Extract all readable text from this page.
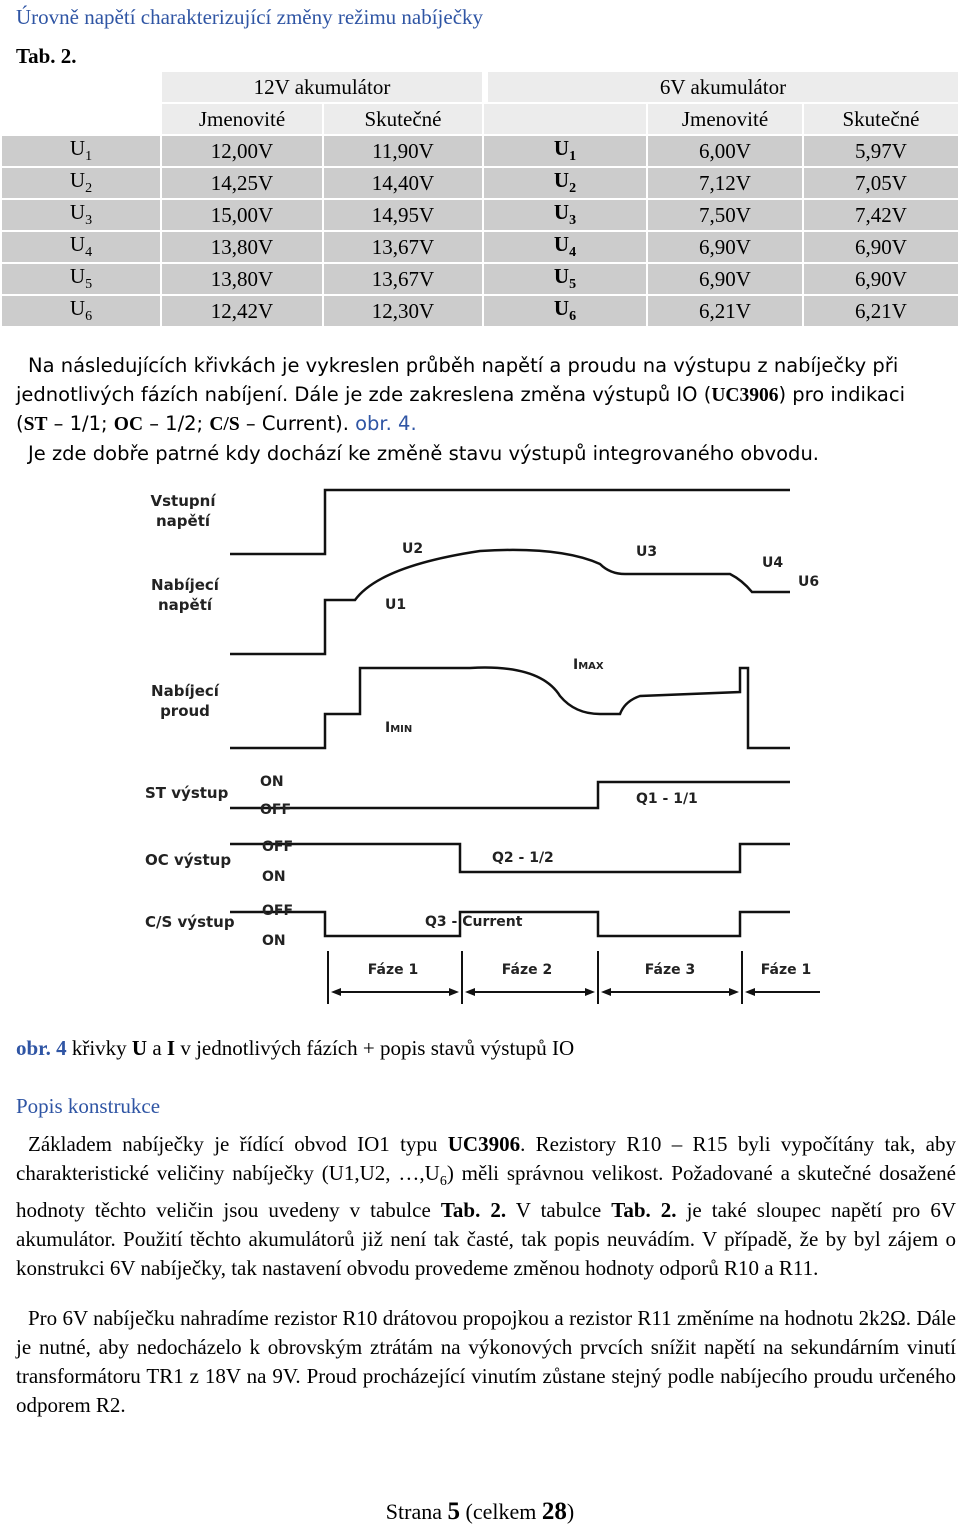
Úrovně napětí charakterizující změny režimu nabíječky
Tab. 2.
	12V akumulátor			6V akumulátor		
	Jmenovité	Skutečné			Jmenovité	Skutečné
$U_1$	12,00V	11,90V	$U_1$		6,00V	5,97V
$U_2$	14,25V	14,40V	$U_2$		7,12V	7,05V
$U_3$	15,00V	14,95V	$U_3$		7,50V	7,42V
$U_4$	13,80V	13,67V	$U_4$		6,90V	6,90V
$U_5$	13,80V	13,67V	$U_5$		6,90V	6,90V
$U_6$	12,42V	12,30V	$U_6$		6,21V	6,21V
Na následujících křivkách je vykreslen průběh napětí a proudu na výstupu z nabíječky při
jednotlivých fázích nabíjení. Dále je zde zakreslena změna výstupů IO (UC3906) pro indikaci
(ST – 1/1; OC – 1/2; C/S – Current). obr. 4.
Je zde dobře patrné kdy dochází ke změně stavu výstupů integrovaného obvodu.
Vstupní
napětí
Nabíjecí
napětí
Nabíjecí
proud
ST výstup
OC výstup
C/S výstup
ON
OFF
OFF
ON
OFF
ON
U2
U1
U3
U4
U6
IMAX
IMIN
Q1 - 1/1
Q2 - 1/2
Q3 - Current
Fáze 1	Fáze 2	Fáze 3	Fáze 1
obr. 4 křivky U a I v jednotlivých fázích + popis stavů výstupů IO
Popis konstrukce
Základem nabíječky je řídící obvod IO1 typu UC3906. Rezistory R10 – R15 byli vypočítány tak, aby charakteristické veličiny nabíječky (U1,U2, $\dots,U_6$) měli správnou velikost. Požadované a skutečné dosažené hodnoty těchto veličin jsou uvedeny v tabulce Tab. 2. V tabulce Tab. 2. je také sloupec napětí pro 6V akumulátor. Použití těchto akumulátorů již není tak časté, tak popis neuvádím. V případě, že by byl zájem o konstrukci 6V nabíječky, tak nastavení obvodu provedeme změnou hodnoty odporů R10 a R11.
Pro 6V nabíječku nahradíme rezistor R10 drátovou propojkou a rezistor R11 změníme na hodnotu 2k2Ω. Dále je nutné, aby nedocházelo k obrovským ztrátám na výkonových prvcích snížit napětí na sekundárním vinutí transformátoru TR1 z 18V na 9V. Proud procházející vinutím zůstane stejný podle nabíjecího proudu určeného odporem R2.
Strana 5 (celkem 28)
